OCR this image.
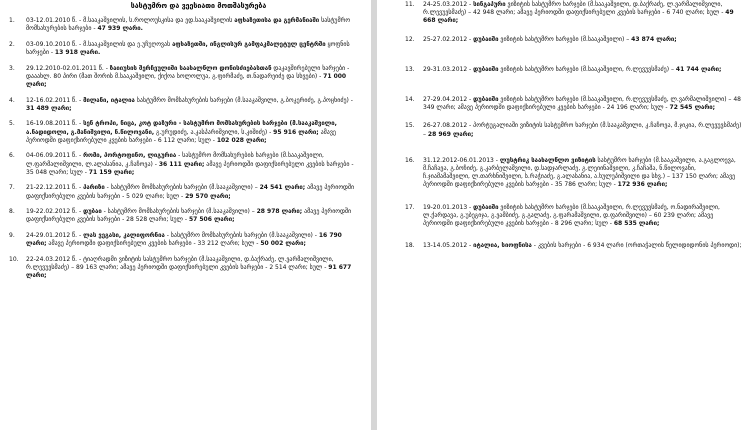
სასტუმრო და ვეესიათი მოთშასურება
1. 03-12.01.2010 წ. - მ.სააკაშვილის, ს.როლოუსკისა და ედ.სააკაშვილის აფხაზეთისა და გერმანიაში სასტუმრო მომსახურების ხარჯები - 47 939 ლარი.
2. 03-09.10.2010 წ. - მ.სააკაშვილის და ე.უჩუღოვას აფხაზეთში, ინგლისურ გამფაკმალეტულ ცენტრში ყოფნის ხარჯები - 13 918 ლარი.
3. 29.12.2010-02.01.2011 წ. - ზაიიუსის შერჩეულიში საახალწლო დონისძიებასთან დაკავშირებული ხარჯები - დააახლ. 80 პირი (მათ შორის მ.სააკაშვილი, ქიქოა სოლოლუა, გ.ფირმაძე, თ.ნადარეიძე და სხვები) - 71 000 ლარი;
4. 12-16.02.2011 წ. - მილანი, იტალია სასტუმრო მომსახურების ხარჯები (მ.სააკაშვილი, გ.ბოკერიძე, გ.პოცხიძე) - 31 489 ლარი;
5. 16-19.08.2011 წ. - სენ ტროპი, ნიცა, კოტ დაზური - სასტუმრო მომსახურების ხარჯები (მ.სააკაშვილი, ა.ნადიდოლი, გ.მანიშვილი, ნ.წილოვანი, გ.ურუდიძე, ა.კასპარიშვილი, ს.კიშიძე) - 95 916 ლარი; ამავე პერიოდში დაფიქსირებული კვების ხარჯები - 6 112 ლარი; სულ - 102 028 ლარი;
6. 04-06.09.2011 წ. - რომი, პორტოფინო, ლიგურია - სასტუმრო მომსახურების ხარჯები (მ.სააკაშვილი, ლ.ფარმალიშვილი, ლ.ალასანია, კ.ჩაჩოვა) - 36 111 ლარი; ამავე პერიოდში დაფიქსირებული კვების ხარჯები - 35 048 ლარი; სულ - 71 159 ლარი;
7. 21-22.12.2011 წ. - პარიზი - სასტუმრო მომსახურების ხარჯები (მ.სააკაშვილი) – 24 541 ლარი; ამავე პერიოდში დაფიქსირებული კვების ხარჯები - 5 029 ლარი; სულ - 29 570 ლარი;
8. 19-22.02.2012 წ. - დუბაი - სასტუმრო მომსახურების ხარჯები (მ.სააკაშვილი) – 28 978 ლარი; ამავე პერიოდში დაფიქსირებული კვების ხარჯები - 28 528 ლარი; სულ - 57 506 ლარი;
9. 24-29.01.2012 წ. - ლას ვეგასი, კალიფორნია - სასტუმრო მომსახურების ხარჯები (მ.სააკაშვილი) - 16 790 ლარი; ამავე პერიოდში დაფიქსირებული კვების ხარჯები - 33 212 ლარი; სულ - 50 002 ლარი;
10. 22-24.03.2012 წ. - ტიაღრადმი ვიზიტის სასტუმრო ხარჯები (მ.სააკაშვილი, დ.ბაქრაძე, ლ.ვარმალიშვილი, რ.ლევუვსმაძე) – 89 163 ლარი; ამავე პერიოდში დაფიქსირებული კვების ხარჯები - 2 514 ლარი; სულ - 91 677 ლარი;
11. 24-25.03.2012 - სინგაპური ვიზიტის სასტუმრო ხარჯები (მ.სააკაშვილი, დ.ბაქრაძე, ლ.ვარმალიშვილი, რ.ლევუვსმაძე) – 42 948 ლარი; ამავე პერიოდში დაფიქსირებული კვების ხარჯები - 6 740 ლარი; სულ - 49 668 ლარი;
12. 25-27.02.2012 - დუბაიში ვიზიტის სასტუმრო ხარჯები (მ.სააკაშვილი) – 43 874 ლარი;
13. 29-31.03.2012 - დუბაიში ვიზიტის სასტუმრო ხარჯები (მ.სააკაშვილი, რ.ლევუვსმაძე) – 41 744 ლარი;
14. 27-29.04.2012 - დუბაიში ვიზიტის სასტუმრო ხარჯები (მ.სააკაშვილი, რ.ლევუვსმაძე, ლ.ვარმალიშვილი) – 48 349 ლარი; ამავე პერიოდში დაფიქსირებული კვების ხარჯები - 24 196 ლარი; სულ - 72 545 ლარი;
15. 26-27.08.2012 - პორტუგალიაში ვიზიტის სასტუმრო ხარჯები (მ.სააკაშვილი, კ.ჩაჩოვა, მ.ჯიკია, რ.ლევუვსმაძე) – 28 969 ლარი;
16. 31.12.2012-06.01.2013 - ლუსტრიკ საახალწლო ვიზიტის სასტუმრო ხარჯები (მ.სააკაშვილი, ა.გაგლოევა, მ.ჩაჩავა, გ.ბოჩიძე, გ.კარბელაშვილი, დ.სადჯარლაძე, გ.ლეიინაშვილი, კ.ჩაჩაშა, ნ.წილოვანი, ჩ.ჯიამამაშვილი, ლ.თარხნიშვილი, ს.რაჭიაძე, გ.ალასანია, ა.ხულუპიშვილი და სხვ.) – 137 150 ლარი; ამავე პერიოდში დაფიქსირებული კვების ხარჯები - 35 786 ლარი; სულ - 172 936 ლარი;
17. 19-20.01.2013 - დუბაიში ვიზიტის სასტუმრო ხარჯები (მ.სააკაშვილი, რ.ლევუვსმაძე, ო.ნადირაშვილი, ლ.ქარდავა, გ.უბეგიჯა, გ.ვამბიძე, გ.გალაძე, გ.ფარამაშვილი, დ.ფარიშვილი) – 60 239 ლარი; ამავე პერიოდში დაფიქსირებული კვების ხარჯები - 8 296 ლარი; სულ - 68 535 ლარი;
18. 13-14.05.2012 - იტალია, სიოფნისა - კვების ხარჯები - 6 934 ლარი (ორთაჭალის წელიდიდონის პერიოდი);
